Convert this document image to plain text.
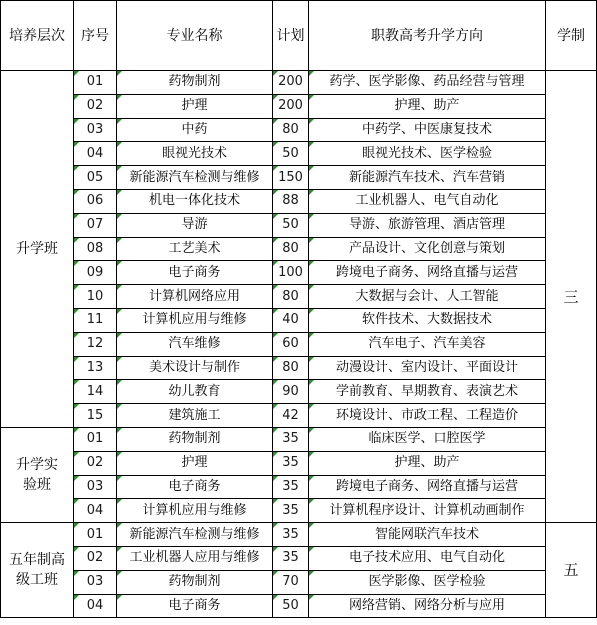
培养层次	序号	专业名称	计划	职教高考升学方向	学制
升学班	01	药物制剂	200	药学、医学影像、药品经营与管理	三
	02	护理	200	护理、助产	
	03	中药	80	中药学、中医康复技术	
	04	眼视光技术	50	眼视光技术、医学检验	
	05	新能源汽车检测与维修	150	新能源汽车技术、汽车营销	
	06	机电一体化技术	88	工业机器人、电气自动化	
	07	导游	50	导游、旅游管理、酒店管理	
	08	工艺美术	80	产品设计、文化创意与策划	
	09	电子商务	100	跨境电子商务、网络直播与运营	
	10	计算机网络应用	80	大数据与会计、人工智能	
	11	计算机应用与维修	40	软件技术、大数据技术	
	12	汽车维修	60	汽车电子、汽车美容	
	13	美术设计与制作	80	动漫设计、室内设计、平面设计	
	14	幼儿教育	90	学前教育、早期教育、表演艺术	
	15	建筑施工	42	环境设计、市政工程、工程造价	
升学实验班	01	药物制剂	35	临床医学、口腔医学	
	02	护理	35	护理、助产	
	03	电子商务	35	跨境电子商务、网络直播与运营	
	04	计算机应用与维修	35	计算机程序设计、计算机动画制作	
五年制高级工班	01	新能源汽车检测与维修	35	智能网联汽车技术	五
	02	工业机器人应用与维修	35	电子技术应用、电气自动化	
	03	药物制剂	70	医学影像、医学检验	
	04	电子商务	50	网络营销、网络分析与应用	
